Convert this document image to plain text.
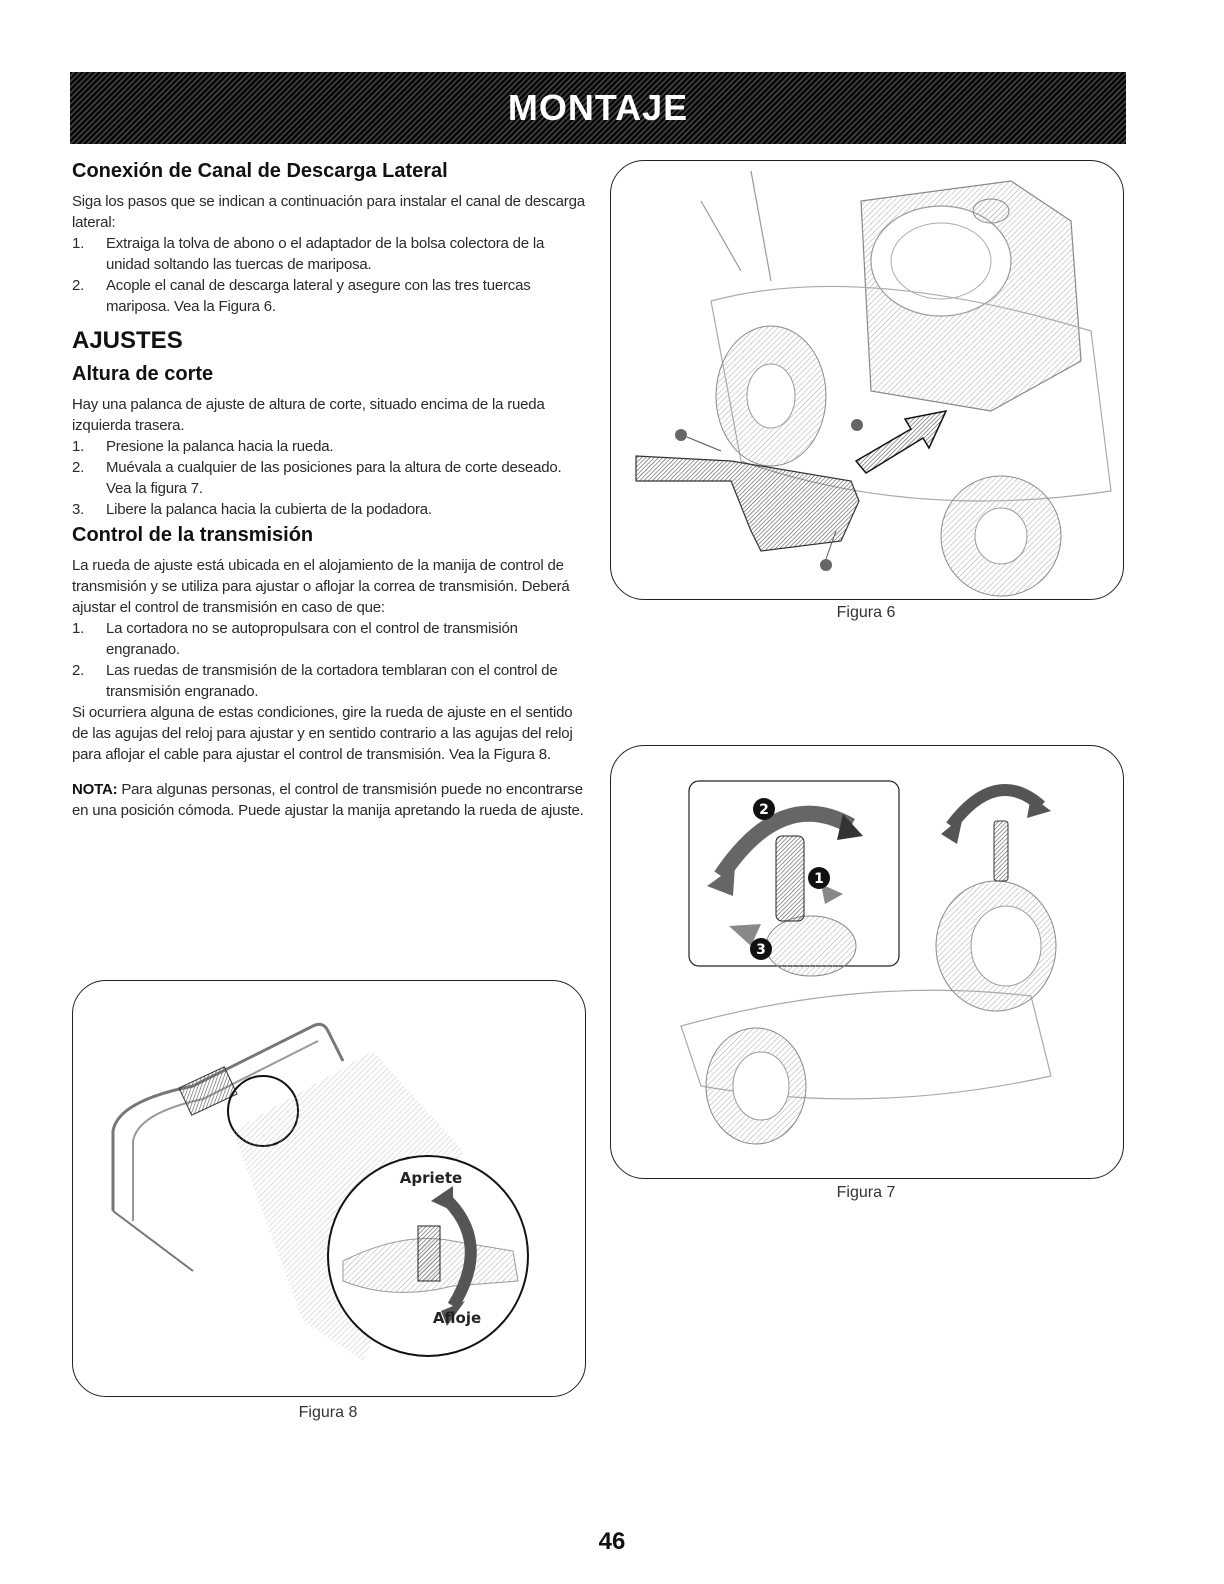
MONTAJE
Conexión de Canal de Descarga Lateral

Siga los pasos que se indican a continuación para instalar el canal de descarga lateral:

1. Extraiga la tolva de abono o el adaptador de la bolsa colectora de la unidad soltando las tuercas de mariposa.
2. Acople el canal de descarga lateral y asegure con las tres tuercas mariposa. Vea la Figura 6.
AJUSTES
Altura de corte

Hay una palanca de ajuste de altura de corte, situado encima de la rueda izquierda trasera.

1. Presione la palanca hacia la rueda.
2. Muévala a cualquier de las posiciones para la altura de corte deseado. Vea la figura 7.
3. Libere la palanca hacia la cubierta de la podadora.
Control de la transmisión

La rueda de ajuste está ubicada en el alojamiento de la manija de control de transmisión y se utiliza para ajustar o aflojar la correa de transmisión. Deberá ajustar el control de transmisión en caso de que:

1. La cortadora no se autopropulsara con el control de transmisión engranado.
2. Las ruedas de transmisión de la cortadora temblaran con el control de transmisión engranado.

Si ocurriera alguna de estas condiciones, gire la rueda de ajuste en el sentido de las agujas del reloj para ajustar y en sentido contrario a las agujas del reloj para aflojar el cable para ajustar el control de transmisión. Vea la Figura 8.

NOTA: Para algunas personas, el control de transmisión puede no encontrarse en una posición cómoda. Puede ajustar la manija apretando la rueda de ajuste.

Figura 6
2
1
3
Figura 7
Apriete
Afloje
Figura 8
46
